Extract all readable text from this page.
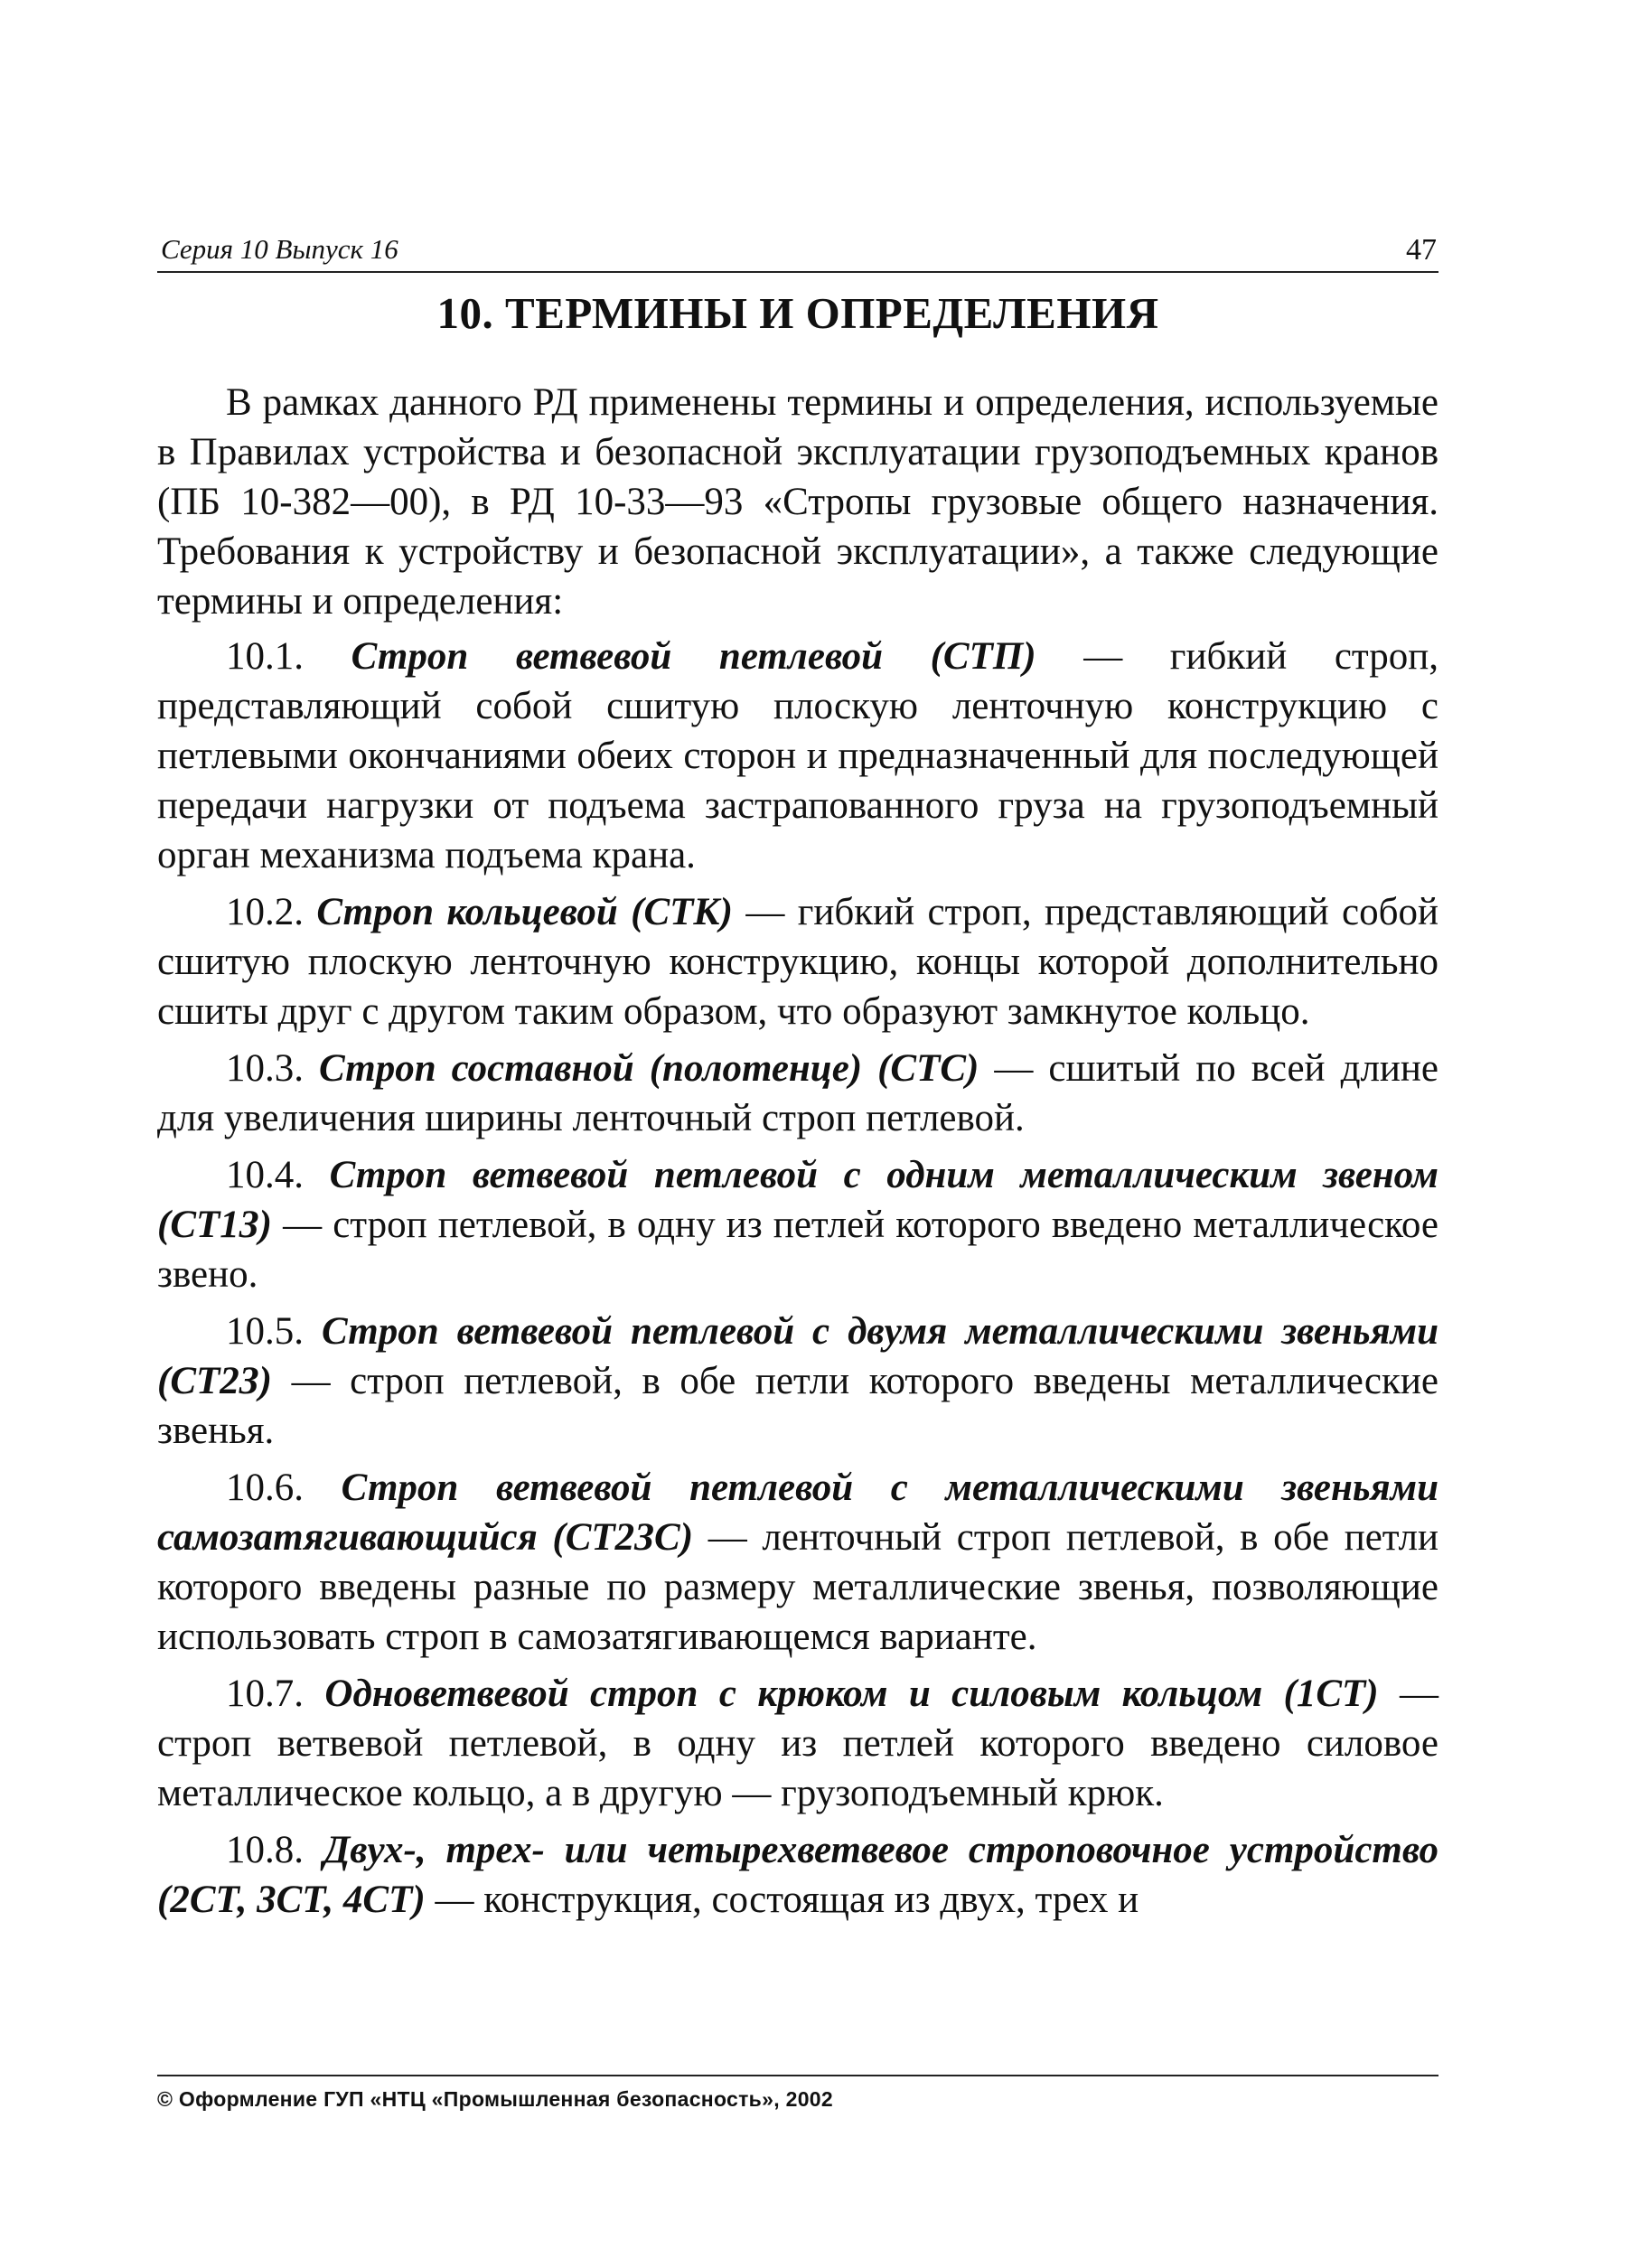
Серия 10 Выпуск 16	47
10. ТЕРМИНЫ И ОПРЕДЕЛЕНИЯ

В рамках данного РД применены термины и определения, используемые в Правилах устройства и безопасной эксплуатации грузоподъемных кранов (ПБ 10-382—00), в РД 10-33—93 «Стропы грузовые общего назначения. Требования к устройству и безопасной эксплуатации», а также следующие термины и определения:

10.1. Строп ветвевой петлевой (СТП) — гибкий строп, представляющий собой сшитую плоскую ленточную конструкцию с петлевыми окончаниями обеих сторон и предназначенный для последующей передачи нагрузки от подъема застрапованного груза на грузоподъемный орган механизма подъема крана.

10.2. Строп кольцевой (СТК) — гибкий строп, представляющий собой сшитую плоскую ленточную конструкцию, концы которой дополнительно сшиты друг с другом таким образом, что образуют замкнутое кольцо.

10.3. Строп составной (полотенце) (СТС) — сшитый по всей длине для увеличения ширины ленточный строп петлевой.

10.4. Строп ветвевой петлевой с одним металлическим звеном (СТ1З) — строп петлевой, в одну из петлей которого введено металлическое звено.

10.5. Строп ветвевой петлевой с двумя металлическими звеньями (СТ2З) — строп петлевой, в обе петли которого введены металлические звенья.

10.6. Строп ветвевой петлевой с металлическими звеньями самозатягивающийся (СТ2ЗС) — ленточный строп петлевой, в обе петли которого введены разные по размеру металлические звенья, позволяющие использовать строп в самозатягивающемся варианте.

10.7. Одноветвевой строп с крюком и силовым кольцом (1СТ) — строп ветвевой петлевой, в одну из петлей которого введено силовое металлическое кольцо, а в другую — грузоподъемный крюк.

10.8. Двух-, трех- или четырехветвевое строповочное устройство (2СТ, 3СТ, 4СТ) — конструкция, состоящая из двух, трех и

© Оформление ГУП «НТЦ «Промышленная безопасность», 2002
